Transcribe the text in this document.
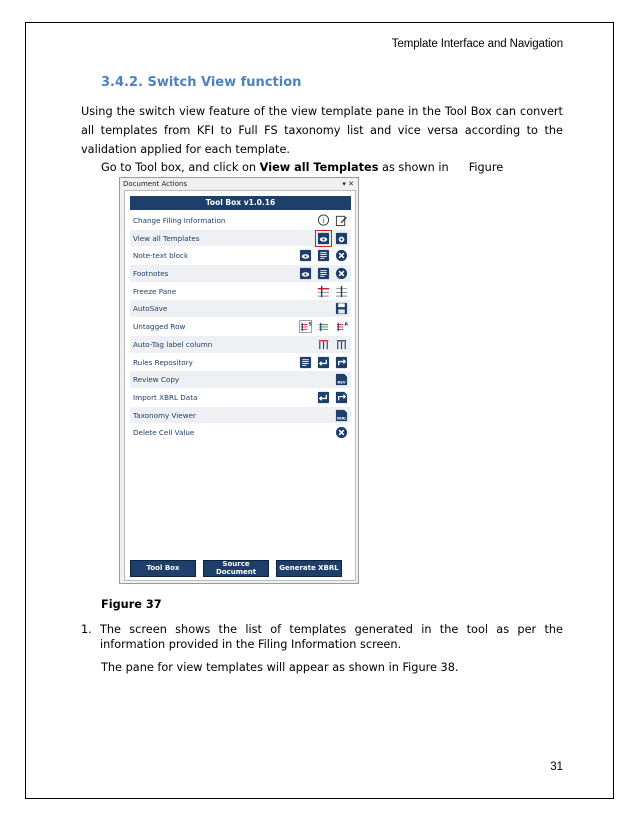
Template Interface and Navigation
3.4.2. Switch View function

Using the switch view feature of the view template pane in the Tool Box can convert all templates from KFI to Full FS taxonomy list and vice versa according to the validation applied for each template.

Go to Tool box, and click on View all Templates as shown in Figure
Document Actions	▾ ✕
Tool Box v1.0.16
Change Filing Information	i
View all Templates
Note-text block
Footnotes
Freeze Pane
AutoSave
Untagged Row	S	A
Auto-Tag label column
Rules Repository
Review Copy	REV
Import XBRL Data
Taxonomy Viewer	XBRL
Delete Cell Value
Tool Box	Source Document	Generate XBRL
Figure 37
1. The screen shows the list of templates generated in the tool as per the information provided in the Filing Information screen.

The pane for view templates will appear as shown in Figure 38.

31
